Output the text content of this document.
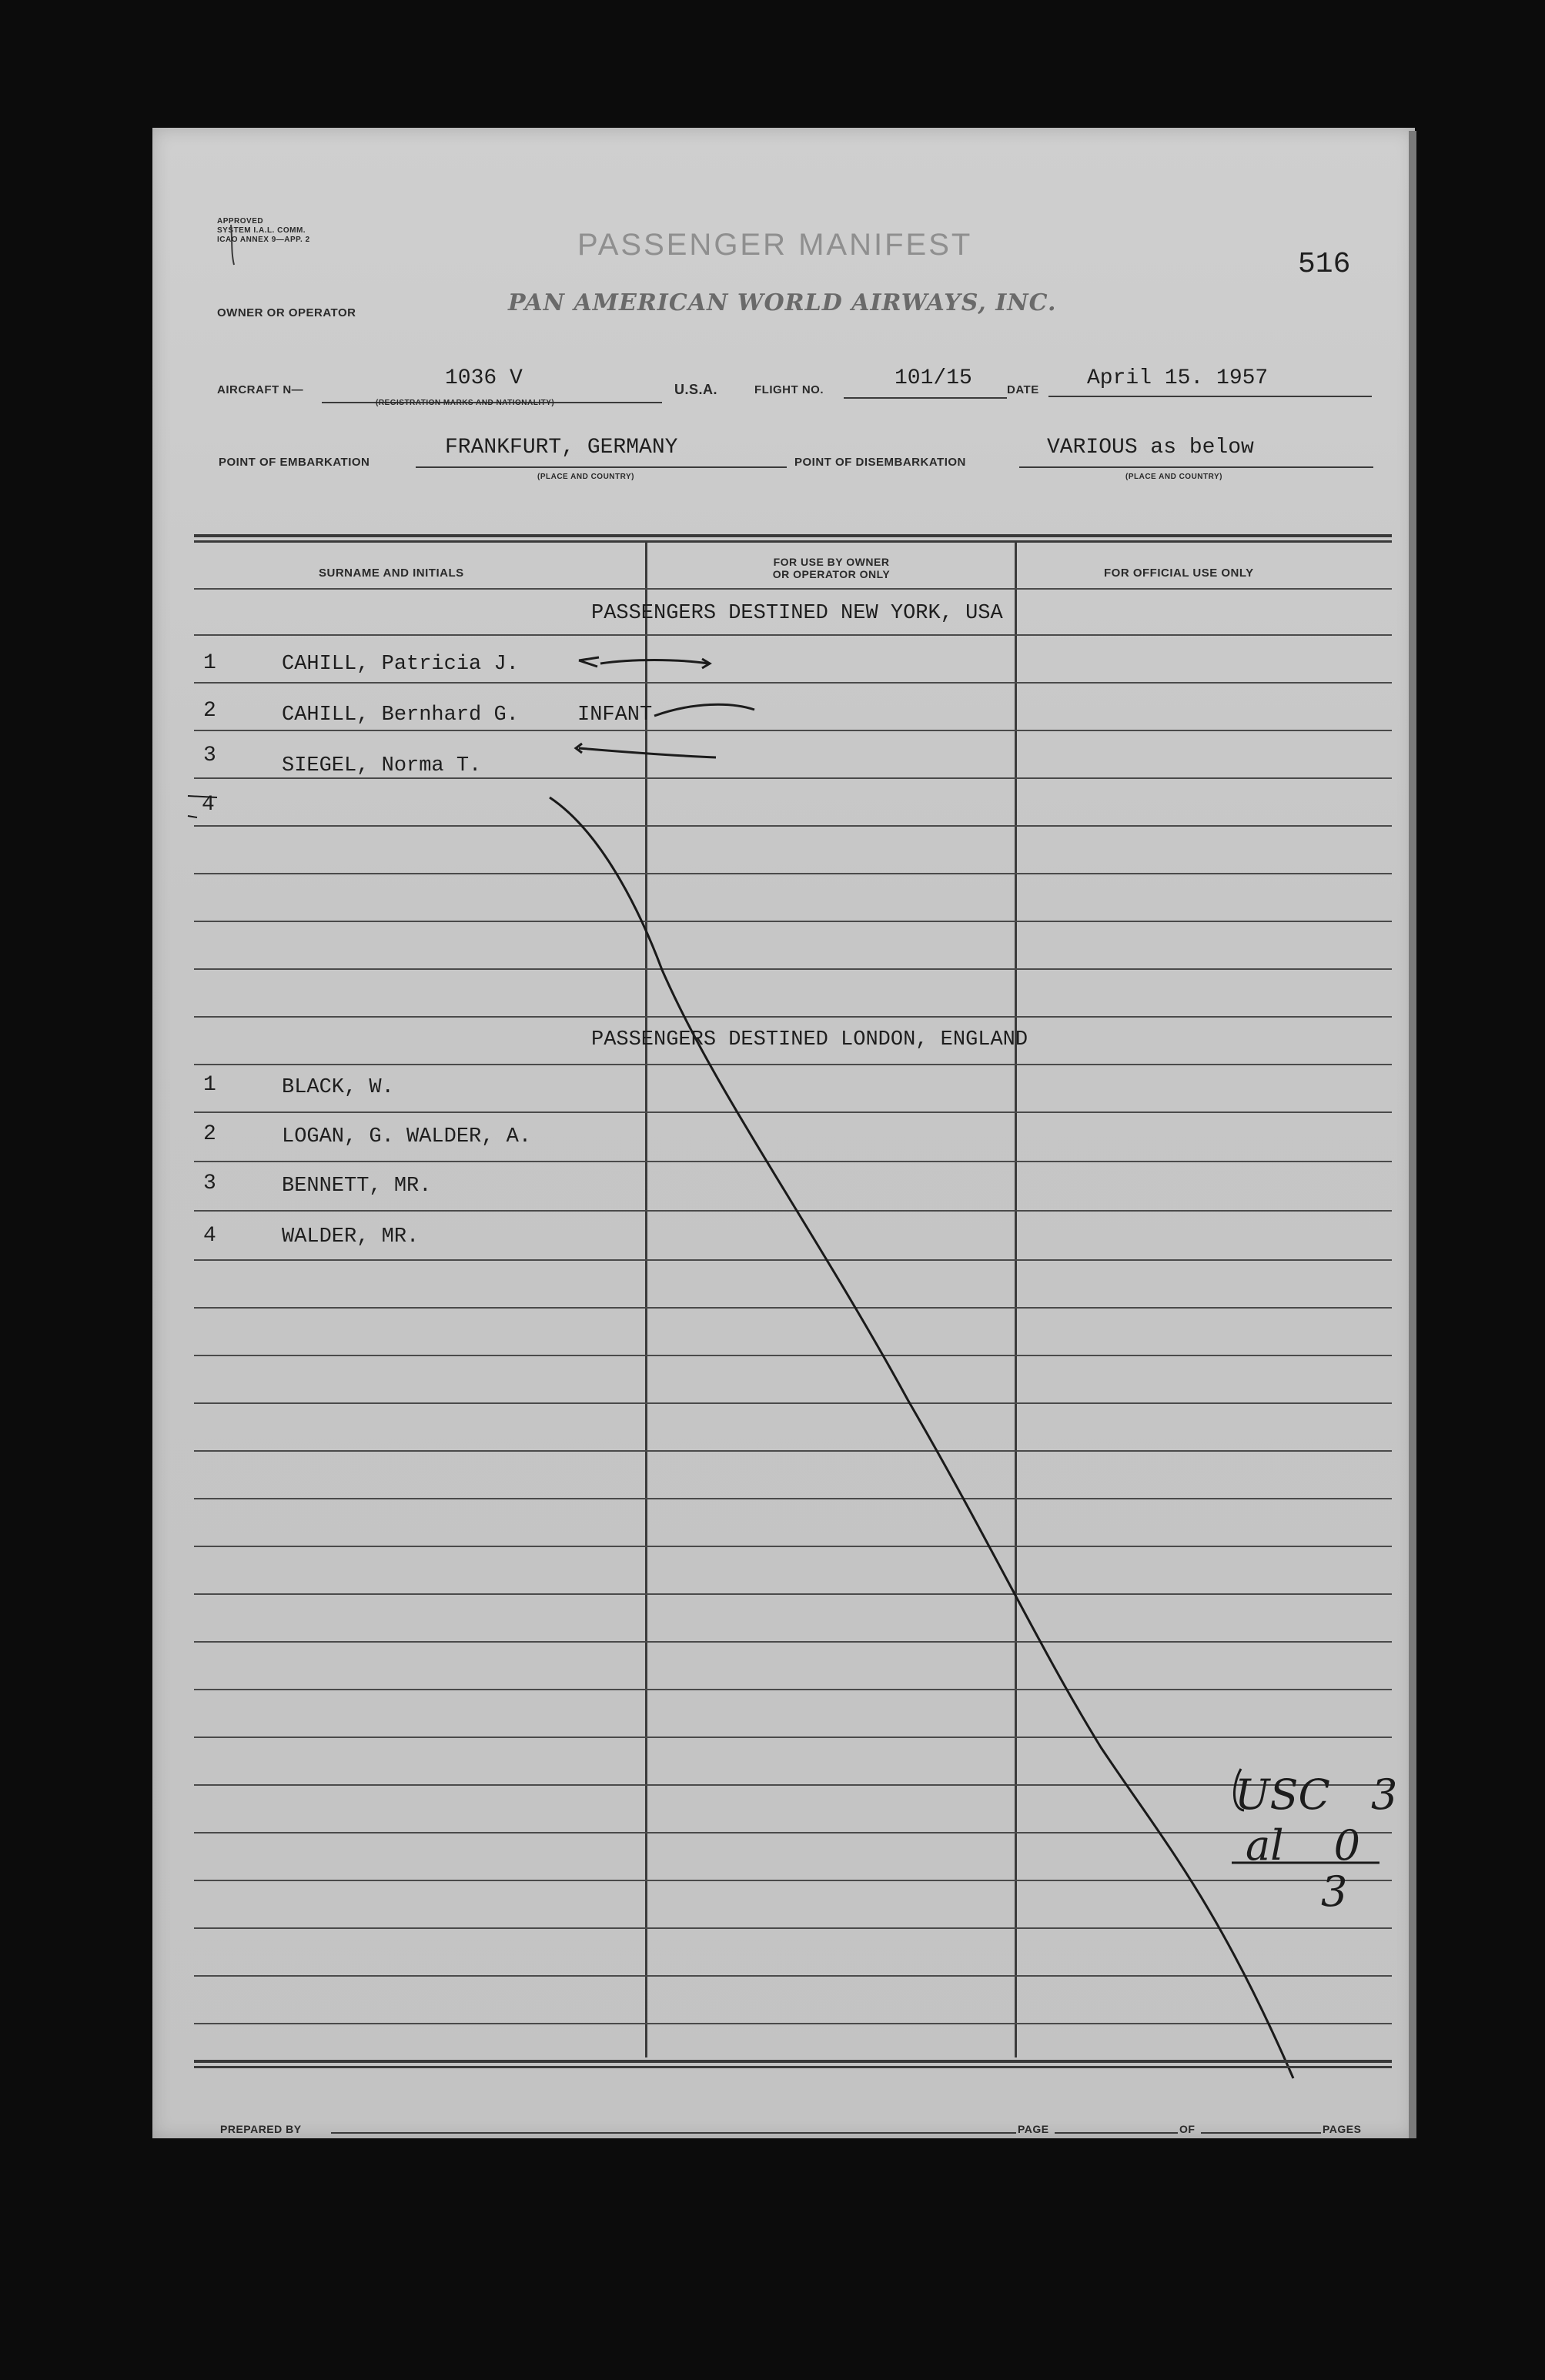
APPROVED
SYSTEM I.A.L. COMM.
ICAO ANNEX 9—APP. 2	PASSENGER MANIFEST
516
OWNER OR OPERATOR	PAN AMERICAN WORLD AIRWAYS, INC.
AIRCRAFT N—	1036 V
(REGISTRATION MARKS AND NATIONALITY)
U.S.A.	FLIGHT NO.	101/15	DATE April 15. 1957
POINT OF EMBARKATION
FRANKFURT, GERMANY
(PLACE AND COUNTRY)
POINT OF DISEMBARKATION
VARIOUS as below
(PLACE AND COUNTRY)
SURNAME AND INITIALS
FOR USE BY OWNER
OR OPERATOR ONLY	FOR OFFICIAL USE ONLY
PASSENGERS DESTINED NEW YORK, USA
1	CAHILL, Patricia J.
2	CAHILL, Bernhard G.	INFANT
3	SIEGEL, Norma T.
4
PASSENGERS DESTINED LONDON, ENGLAND
1	BLACK, W.
2	LOGAN, G. WALDER, A.
3	BENNETT, MR.
4	WALDER, MR.
USC 3
al 0
3
PREPARED BY	PAGE	OF	PAGES
